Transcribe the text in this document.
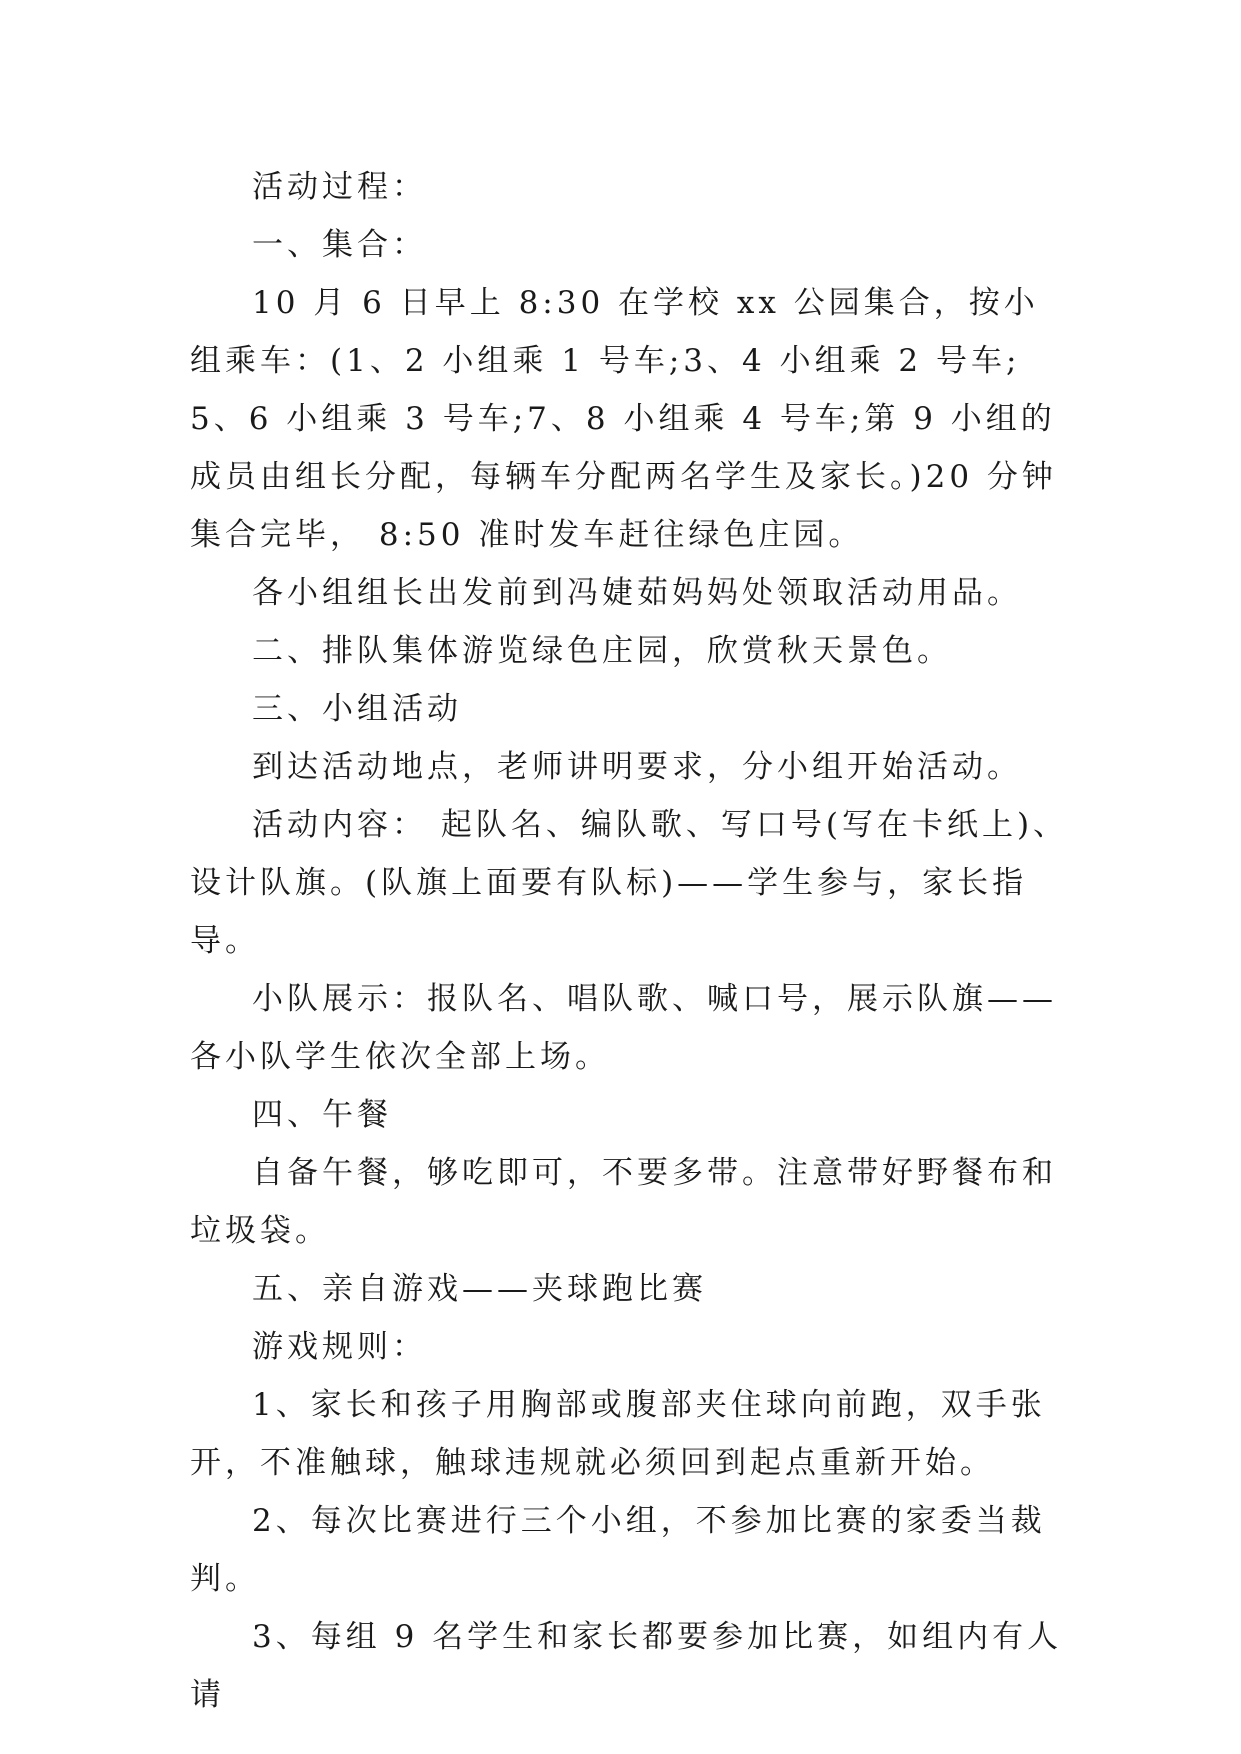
活动过程：

一、集合：

10 月 6 日早上 8:30 在学校 xx 公园集合，按小组乘车：(1、2 小组乘 1 号车;3、4 小组乘 2 号车;5、6 小组乘 3 号车;7、8 小组乘 4 号车;第 9 小组的成员由组长分配，每辆车分配两名学生及家长。)20 分钟集合完毕， 8:50 准时发车赶往绿色庄园。

各小组组长出发前到冯婕茹妈妈处领取活动用品。

二、排队集体游览绿色庄园，欣赏秋天景色。

三、小组活动

到达活动地点，老师讲明要求，分小组开始活动。

活动内容： 起队名、编队歌、写口号(写在卡纸上)、设计队旗。(队旗上面要有队标)——学生参与，家长指导。

小队展示：报队名、唱队歌、喊口号，展示队旗——各小队学生依次全部上场。

四、午餐

自备午餐，够吃即可，不要多带。注意带好野餐布和垃圾袋。

五、亲自游戏——夹球跑比赛

游戏规则：

1、家长和孩子用胸部或腹部夹住球向前跑，双手张开，不准触球，触球违规就必须回到起点重新开始。

2、每次比赛进行三个小组，不参加比赛的家委当裁判。

3、每组 9 名学生和家长都要参加比赛，如组内有人请
